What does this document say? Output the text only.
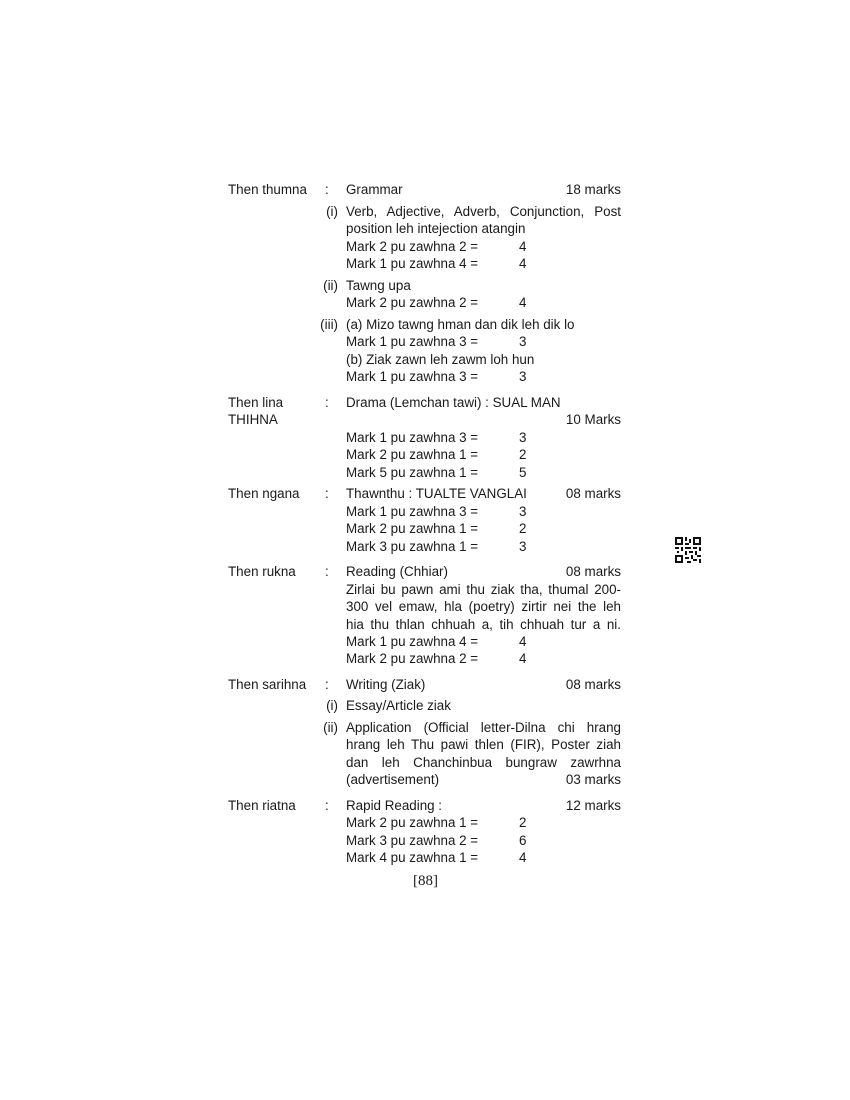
Then thumna : Grammar	18 marks
(i) Verb, Adjective, Adverb, Conjunction, Post
position leh intejection atangin
Mark 2 pu zawhna 2 =	4
Mark 1 pu zawhna 4 =	4
(ii) Tawng upa
Mark 2 pu zawhna 2 =	4
(iii) (a) Mizo tawng hman dan dik leh dik lo
Mark 1 pu zawhna 3 =	3
(b) Ziak zawn leh zawm loh hun
Mark 1 pu zawhna 3 =	3
Then lina	: Drama (Lemchan tawi) : SUAL MAN
THIHNA	10 Marks
Mark 1 pu zawhna 3 =	3
Mark 2 pu zawhna 1 =	2
Mark 5 pu zawhna 1 =	5
Then ngana : Thawnthu : TUALTE VANGLAI	08 marks
Mark 1 pu zawhna 3 =	3
Mark 2 pu zawhna 1 =	2
Mark 3 pu zawhna 1 =	3
Then rukna : Reading (Chhiar)	08 marks
Zirlai bu pawn ami thu ziak tha, thumal 200-
300 vel emaw, hla (poetry) zirtir nei the leh
hia thu thlan chhuah a, tih chhuah tur a ni.
Mark 1 pu zawhna 4 =	4
Mark 2 pu zawhna 2 =	4
Then sarihna : Writing (Ziak)	08 marks
(i) Essay/Article ziak
(ii) Application (Official letter-Dilna chi hrang
hrang leh Thu pawi thlen (FIR), Poster ziah
dan leh Chanchinbua bungraw zawrhna
(advertisement)	03 marks
Then riatna : Rapid Reading :	12 marks
Mark 2 pu zawhna 1 =	2
Mark 3 pu zawhna 2 =	6
Mark 4 pu zawhna 1 =	4
[88]
